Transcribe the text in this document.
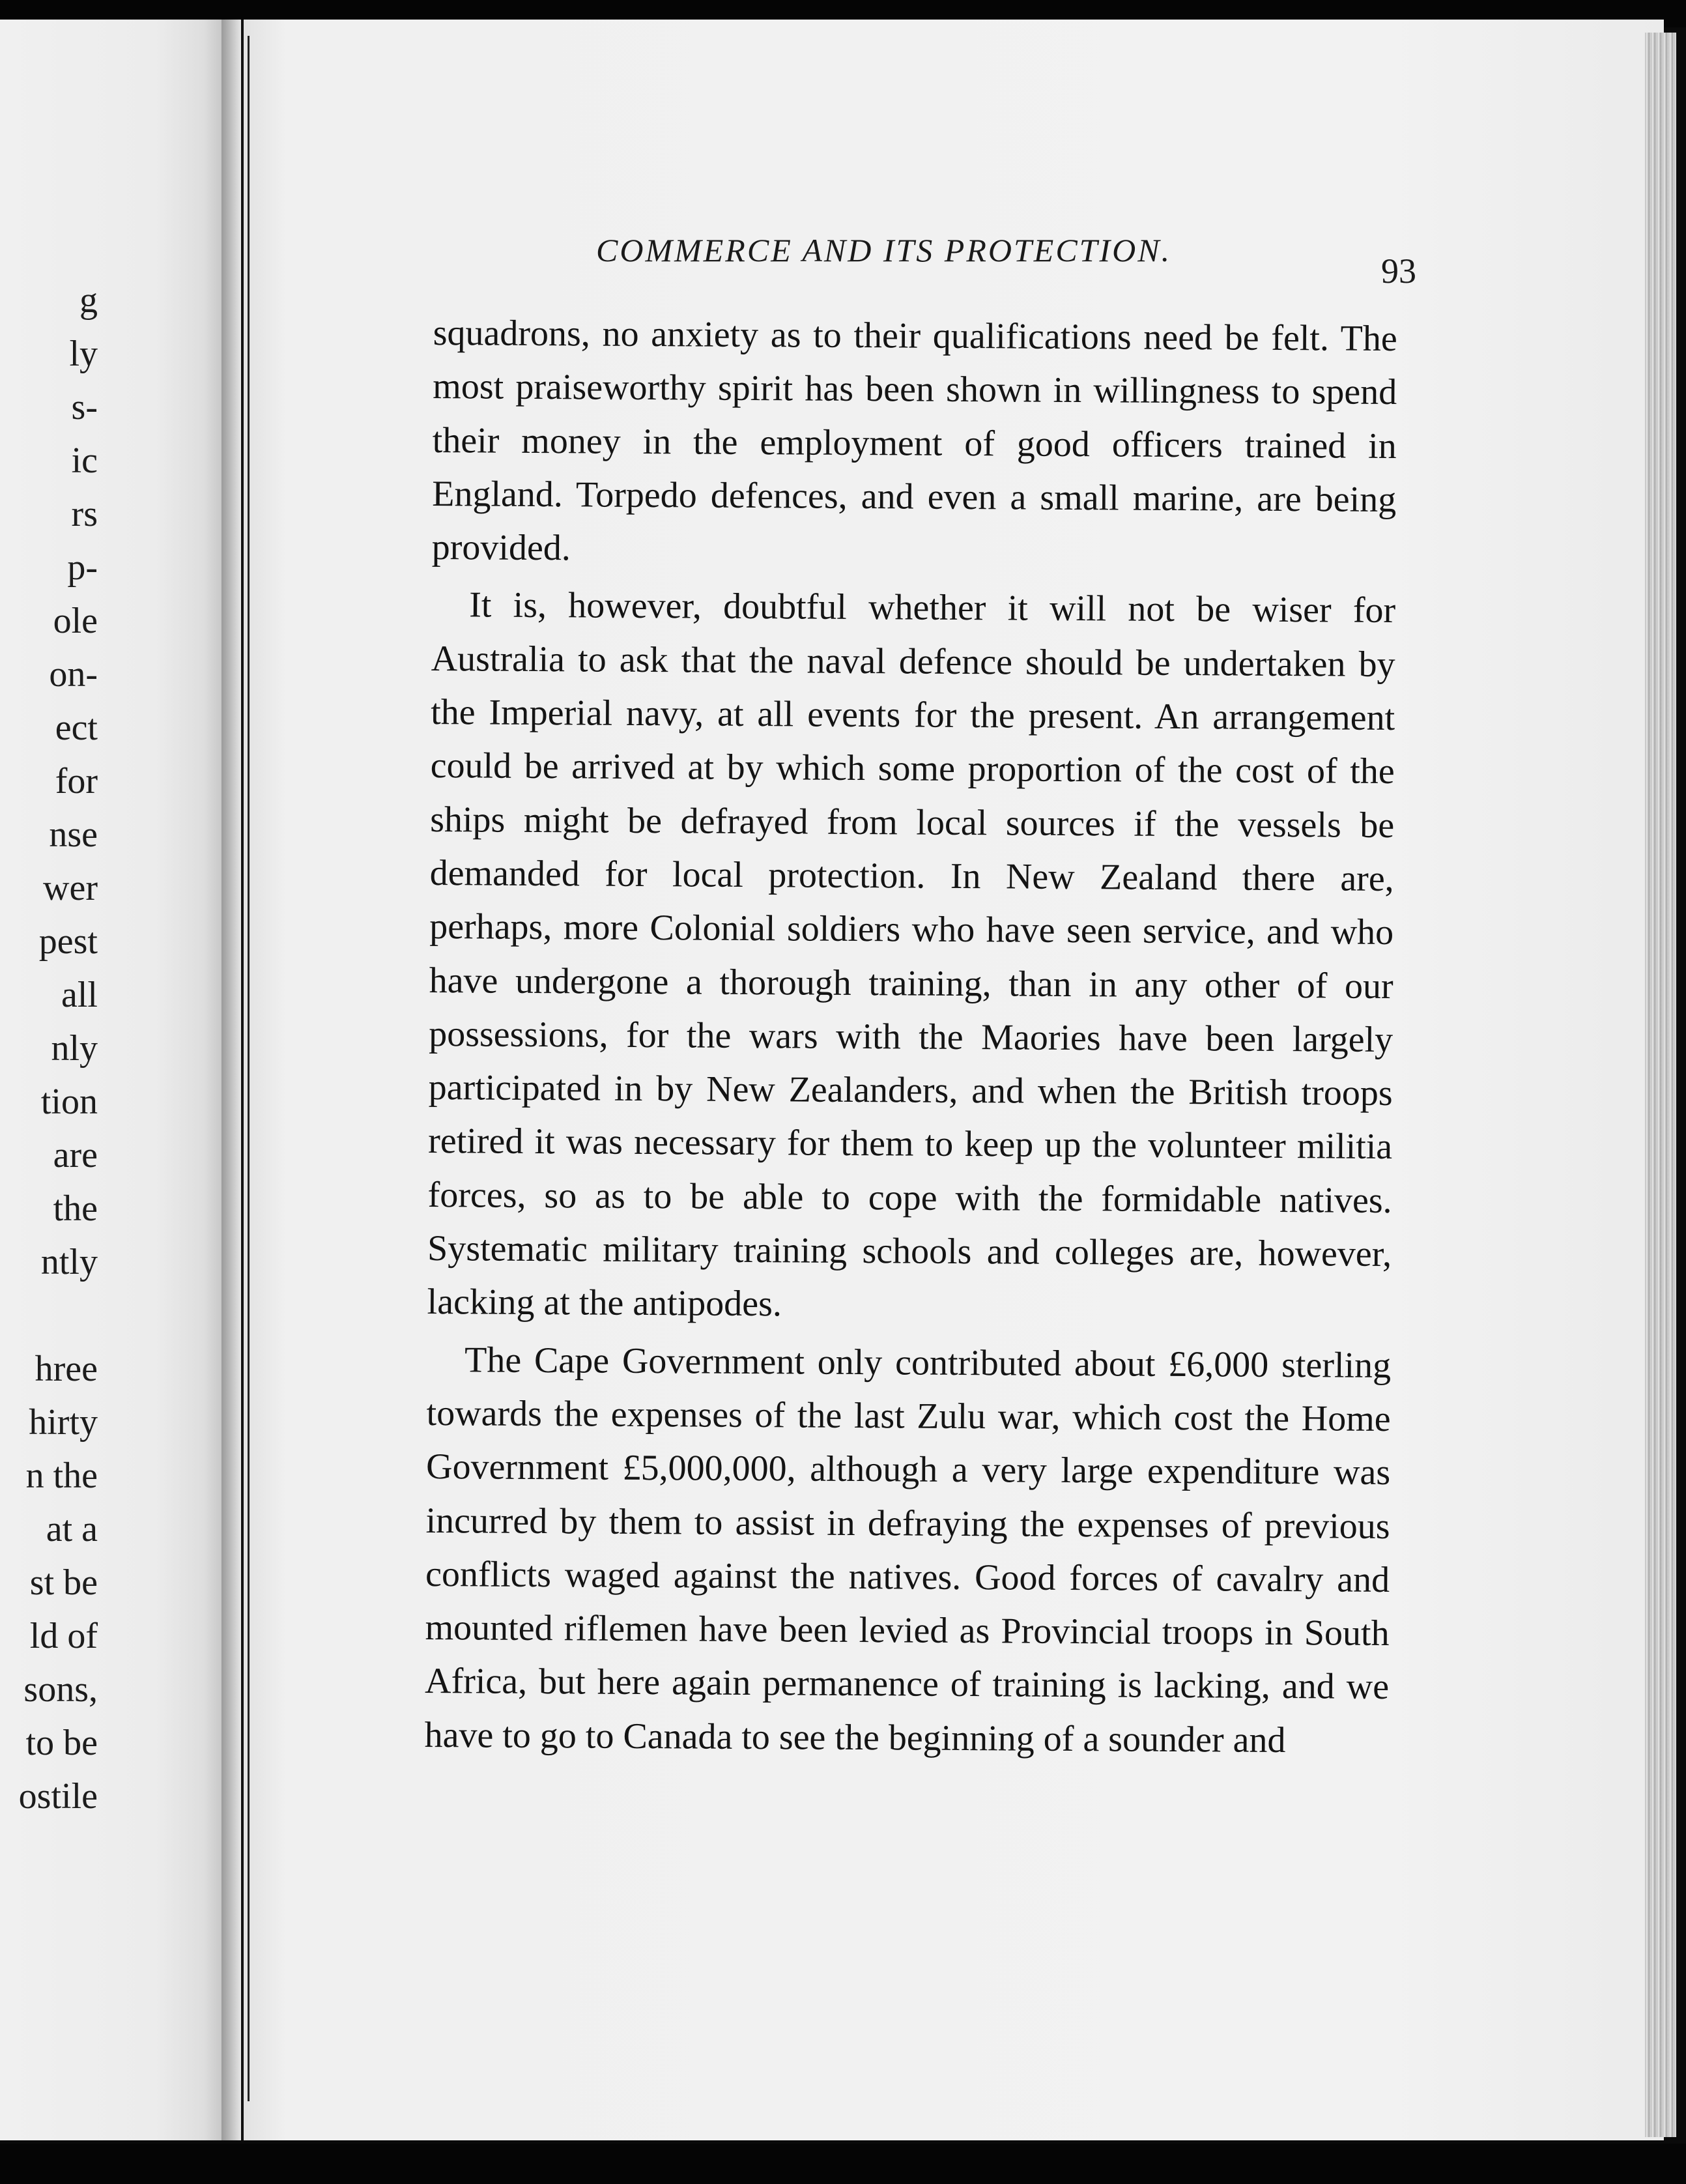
g
ly
s-
ic
rs
p-
ole
on-
ect
for
nse
wer
pest
all
nly
tion
are
the
ntly
hree
hirty
n the
at a
st be
ld of
sons,
to be
ostile
COMMERCE AND ITS PROTECTION.
93

squadrons, no anxiety as to their qualifications need be felt. The most praiseworthy spirit has been shown in willingness to spend their money in the employment of good officers trained in England. Torpedo defences, and even a small marine, are being provided.

It is, however, doubtful whether it will not be wiser for Australia to ask that the naval defence should be undertaken by the Imperial navy, at all events for the present. An arrangement could be arrived at by which some proportion of the cost of the ships might be defrayed from local sources if the vessels be demanded for local protection. In New Zealand there are, perhaps, more Colonial soldiers who have seen service, and who have undergone a thorough training, than in any other of our possessions, for the wars with the Maories have been largely participated in by New Zealanders, and when the British troops retired it was necessary for them to keep up the volunteer militia forces, so as to be able to cope with the formidable natives. Systematic military training schools and colleges are, however, lacking at the antipodes.

The Cape Government only contributed about £6,000 sterling towards the expenses of the last Zulu war, which cost the Home Government £5,000,000, although a very large expenditure was incurred by them to assist in defraying the expenses of previous conflicts waged against the natives. Good forces of cavalry and mounted riflemen have been levied as Provincial troops in South Africa, but here again permanence of training is lacking, and we have to go to Canada to see the beginning of a sounder and
